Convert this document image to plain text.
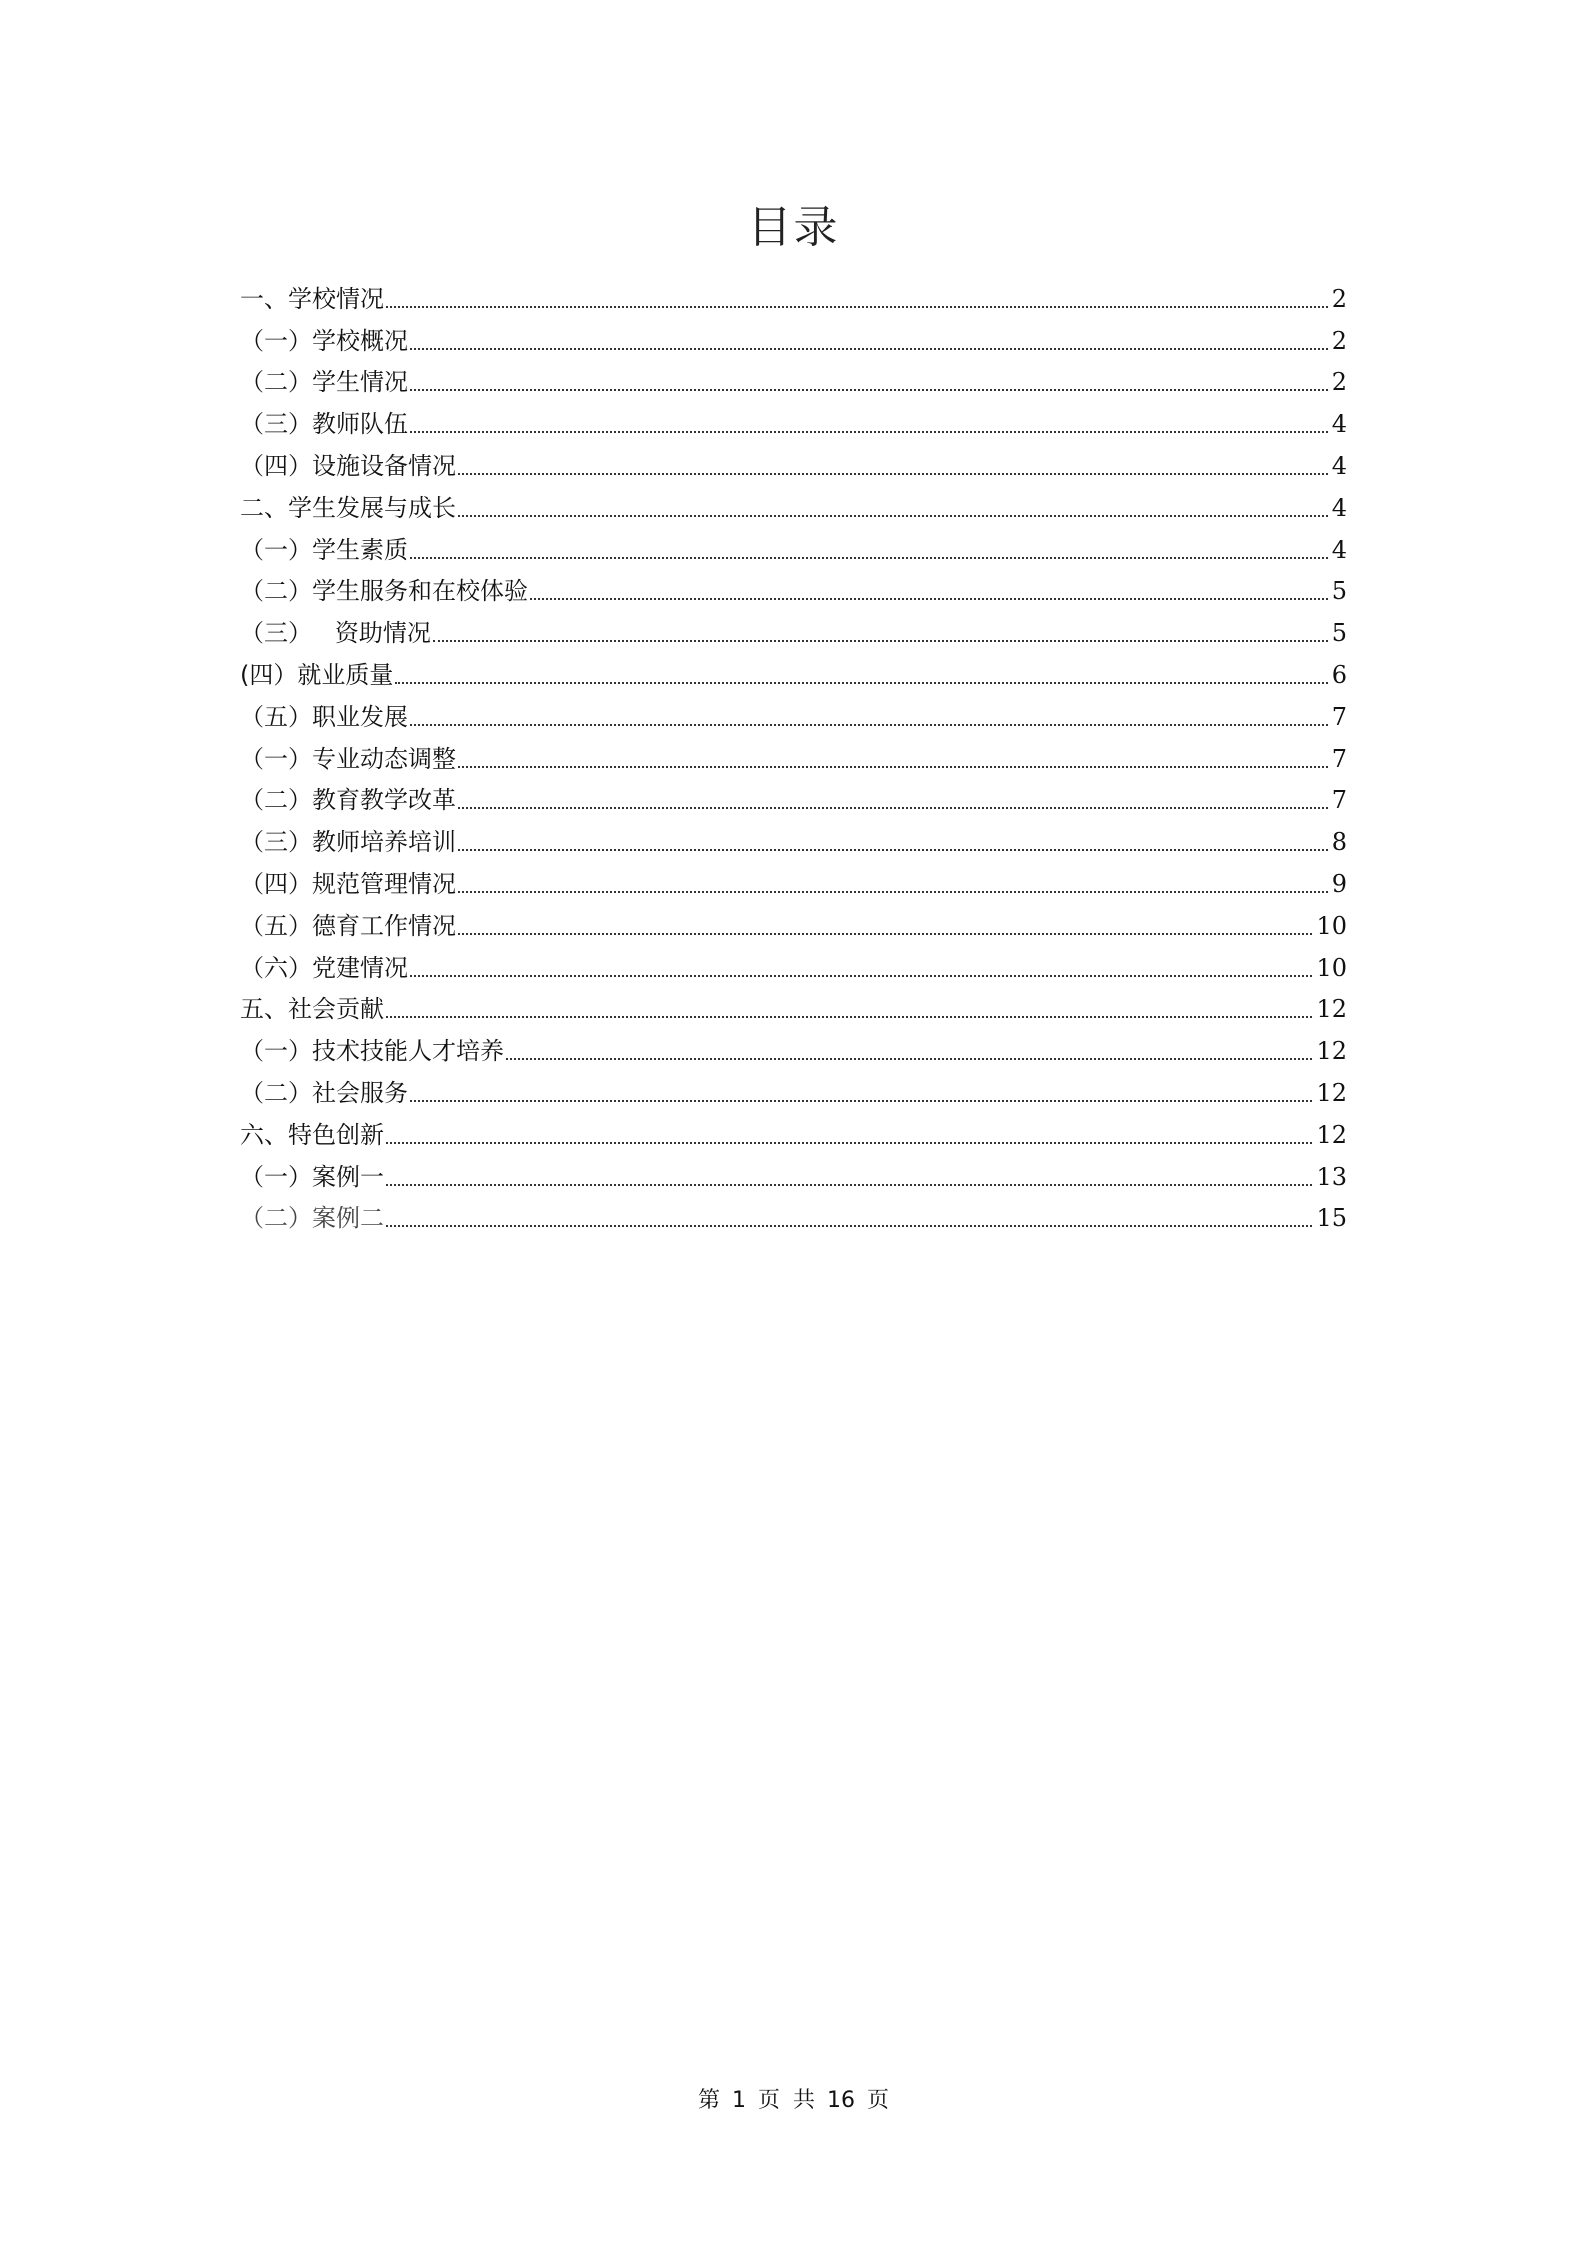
目录
一、学校情况	2
（一）学校概况	2
（二）学生情况	2
（三）教师队伍	4
（四）设施设备情况	4
二、学生发展与成长	4
（一）学生素质	4
（二）学生服务和在校体验	5
（三）   资助情况	5
(四）就业质量	6
（五）职业发展	7
（一）专业动态调整	7
（二）教育教学改革	7
（三）教师培养培训	8
（四）规范管理情况	9
（五）德育工作情况	10
（六）党建情况	10
五、社会贡献	12
（一）技术技能人才培养	12
（二）社会服务	12
六、特色创新	12
（一）案例一	13
（二）案例二	15
第 1 页 共 16 页
